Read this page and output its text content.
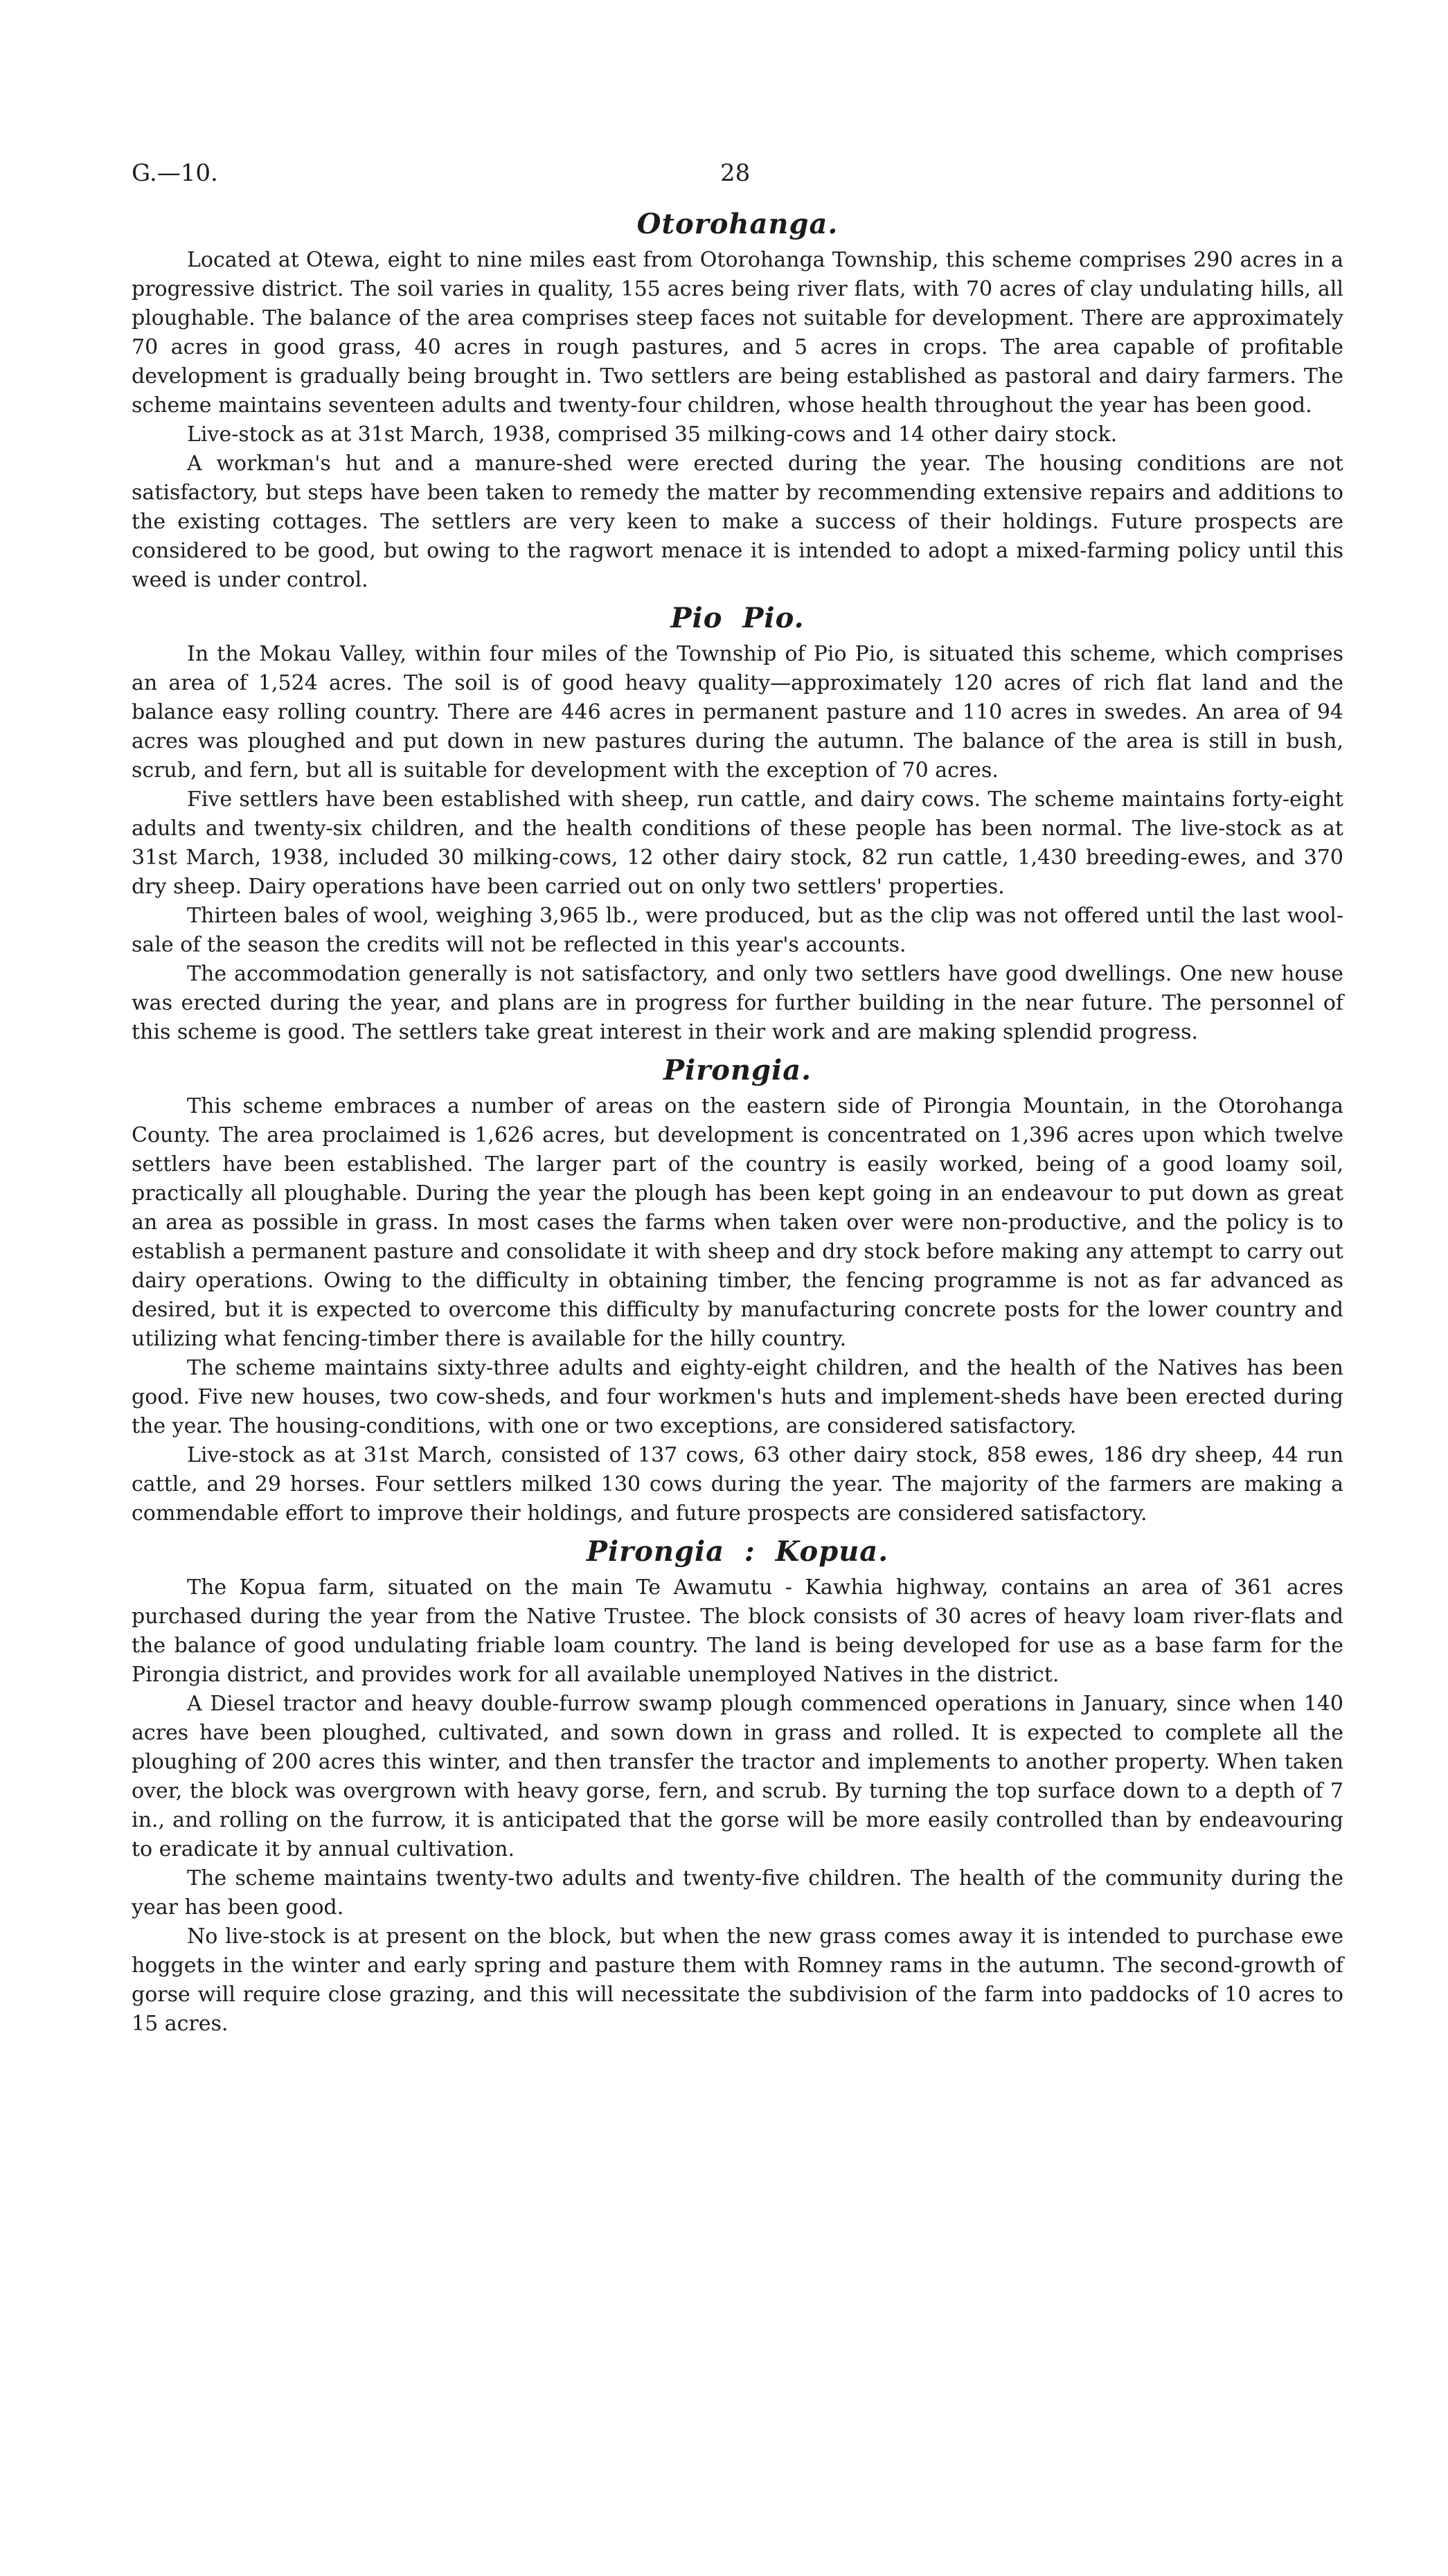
G.—10.	28
Otorohanga.

Located at Otewa, eight to nine miles east from Otorohanga Township, this scheme comprises 290 acres in a progressive district. The soil varies in quality, 155 acres being river flats, with 70 acres of clay undulating hills, all ploughable. The balance of the area comprises steep faces not suitable for development. There are approximately 70 acres in good grass, 40 acres in rough pastures, and 5 acres in crops. The area capable of profitable development is gradually being brought in. Two settlers are being established as pastoral and dairy farmers. The scheme maintains seventeen adults and twenty-four children, whose health throughout the year has been good.

Live-stock as at 31st March, 1938, comprised 35 milking-cows and 14 other dairy stock.

A workman's hut and a manure-shed were erected during the year. The housing conditions are not satisfactory, but steps have been taken to remedy the matter by recommending extensive repairs and additions to the existing cottages. The settlers are very keen to make a success of their holdings. Future prospects are considered to be good, but owing to the ragwort menace it is intended to adopt a mixed-farming policy until this weed is under control.

Pio Pio.

In the Mokau Valley, within four miles of the Township of Pio Pio, is situated this scheme, which comprises an area of 1,524 acres. The soil is of good heavy quality—approximately 120 acres of rich flat land and the balance easy rolling country. There are 446 acres in permanent pasture and 110 acres in swedes. An area of 94 acres was ploughed and put down in new pastures during the autumn. The balance of the area is still in bush, scrub, and fern, but all is suitable for development with the exception of 70 acres.

Five settlers have been established with sheep, run cattle, and dairy cows. The scheme maintains forty-eight adults and twenty-six children, and the health conditions of these people has been normal. The live-stock as at 31st March, 1938, included 30 milking-cows, 12 other dairy stock, 82 run cattle, 1,430 breeding-ewes, and 370 dry sheep. Dairy operations have been carried out on only two settlers' properties.

Thirteen bales of wool, weighing 3,965 lb., were produced, but as the clip was not offered until the last wool-sale of the season the credits will not be reflected in this year's accounts.

The accommodation generally is not satisfactory, and only two settlers have good dwellings. One new house was erected during the year, and plans are in progress for further building in the near future. The personnel of this scheme is good. The settlers take great interest in their work and are making splendid progress.

Pirongia.

This scheme embraces a number of areas on the eastern side of Pirongia Mountain, in the Otorohanga County. The area proclaimed is 1,626 acres, but development is concentrated on 1,396 acres upon which twelve settlers have been established. The larger part of the country is easily worked, being of a good loamy soil, practically all ploughable. During the year the plough has been kept going in an endeavour to put down as great an area as possible in grass. In most cases the farms when taken over were non-productive, and the policy is to establish a permanent pasture and consolidate it with sheep and dry stock before making any attempt to carry out dairy operations. Owing to the difficulty in obtaining timber, the fencing programme is not as far advanced as desired, but it is expected to overcome this difficulty by manufacturing concrete posts for the lower country and utilizing what fencing-timber there is available for the hilly country.

The scheme maintains sixty-three adults and eighty-eight children, and the health of the Natives has been good. Five new houses, two cow-sheds, and four workmen's huts and implement-sheds have been erected during the year. The housing-conditions, with one or two exceptions, are considered satisfactory.

Live-stock as at 31st March, consisted of 137 cows, 63 other dairy stock, 858 ewes, 186 dry sheep, 44 run cattle, and 29 horses. Four settlers milked 130 cows during the year. The majority of the farmers are making a commendable effort to improve their holdings, and future prospects are considered satisfactory.

Pirongia : Kopua.

The Kopua farm, situated on the main Te Awamutu - Kawhia highway, contains an area of 361 acres purchased during the year from the Native Trustee. The block consists of 30 acres of heavy loam river-flats and the balance of good undulating friable loam country. The land is being developed for use as a base farm for the Pirongia district, and provides work for all available unemployed Natives in the district.

A Diesel tractor and heavy double-furrow swamp plough commenced operations in January, since when 140 acres have been ploughed, cultivated, and sown down in grass and rolled. It is expected to complete all the ploughing of 200 acres this winter, and then transfer the tractor and implements to another property. When taken over, the block was overgrown with heavy gorse, fern, and scrub. By turning the top surface down to a depth of 7 in., and rolling on the furrow, it is anticipated that the gorse will be more easily controlled than by endeavouring to eradicate it by annual cultivation.

The scheme maintains twenty-two adults and twenty-five children. The health of the community during the year has been good.

No live-stock is at present on the block, but when the new grass comes away it is intended to purchase ewe hoggets in the winter and early spring and pasture them with Romney rams in the autumn. The second-growth of gorse will require close grazing, and this will necessitate the subdivision of the farm into paddocks of 10 acres to 15 acres.
